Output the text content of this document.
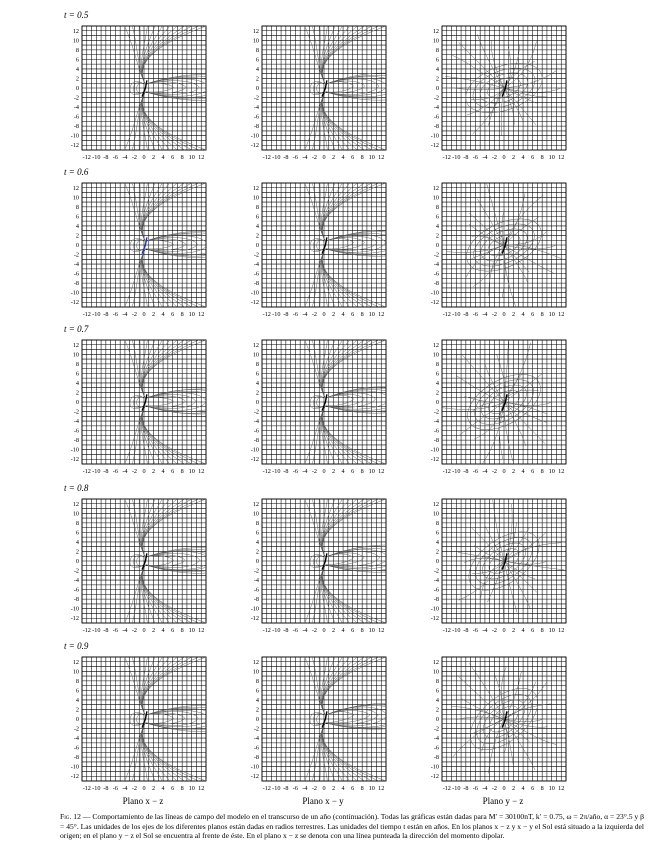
t = 0.5
t = 0.6
t = 0.7
t = 0.8
t = 0.9
12
10
8
6
4
2
0
-2
-4
-6
-8
-10
-12
-12 -10 -8 -6 -4 -2 0 2 4 6 8 10 12
12
10
8
6
4
2
0
-2
-4
-6
-8
-10
-12
-12 -10 -8 -6 -4 -2 0 2 4 6 8 10 12
12
10
8
6
4
2
0
-2
-4
-6
-8
-10
-12
-12 -10 -8 -6 -4 -2 0 2 4 6 8 10 12
12
10
8
6
4
2
0
-2
-4
-6
-8
-10
-12
-12 -10 -8 -6 -4 -2 0 2 4 6 8 10 12
12
10
8
6
4
2
0
-2
-4
-6
-8
-10
-12
-12 -10 -8 -6 -4 -2 0 2 4 6 8 10 12
12
10
8
6
4
2
0
-2
-4
-6
-8
-10
-12
-12 -10 -8 -6 -4 -2 0 2 4 6 8 10 12
12
10
8
6
4
2
0
-2
-4
-6
-8
-10
-12
-12 -10 -8 -6 -4 -2 0 2 4 6 8 10 12
12
10
8
6
4
2
0
-2
-4
-6
-8
-10
-12
-12 -10 -8 -6 -4 -2 0 2 4 6 8 10 12
12
10
8
6
4
2
0
-2
-4
-6
-8
-10
-12
-12 -10 -8 -6 -4 -2 0 2 4 6 8 10 12
12
10
8
6
4
2
0
-2
-4
-6
-8
-10
-12
-12 -10 -8 -6 -4 -2 0 2 4 6 8 10 12
12
10
8
6
4
2
0
-2
-4
-6
-8
-10
-12
-12 -10 -8 -6 -4 -2 0 2 4 6 8 10 12
12
10
8
6
4
2
0
-2
-4
-6
-8
-10
-12
-12 -10 -8 -6 -4 -2 0 2 4 6 8 10 12
12
10
8
6
4
2
0
-2
-4
-6
-8
-10
-12
-12 -10 -8 -6 -4 -2 0 2 4 6 8 10 12
12
10
8
6
4
2
0
-2
-4
-6
-8
-10
-12
-12 -10 -8 -6 -4 -2 0 2 4 6 8 10 12
12
10
8
6
4
2
0
-2
-4
-6
-8
-10
-12
-12 -10 -8 -6 -4 -2 0 2 4 6 8 10 12
Plano x − z	Plano x − y	Plano y − z
Fig. 12 — Comportamiento de las líneas de campo del modelo en el transcurso de un año (continuación). Todas las gráficas están dadas para M′ = 30100nT, k′ = 0.75, ω = 2π/año, α = 23°.5 y β = 45°. Las unidades de los ejes de los diferentes planos están dadas en radios terrestres. Las unidades del tiempo t están en años. En los planos x − z y x − y el Sol está situado a la izquierda del origen; en el plano y − z el Sol se encuentra al frente de éste. En el plano x − z se denota con una línea punteada la dirección del momento dipolar.
